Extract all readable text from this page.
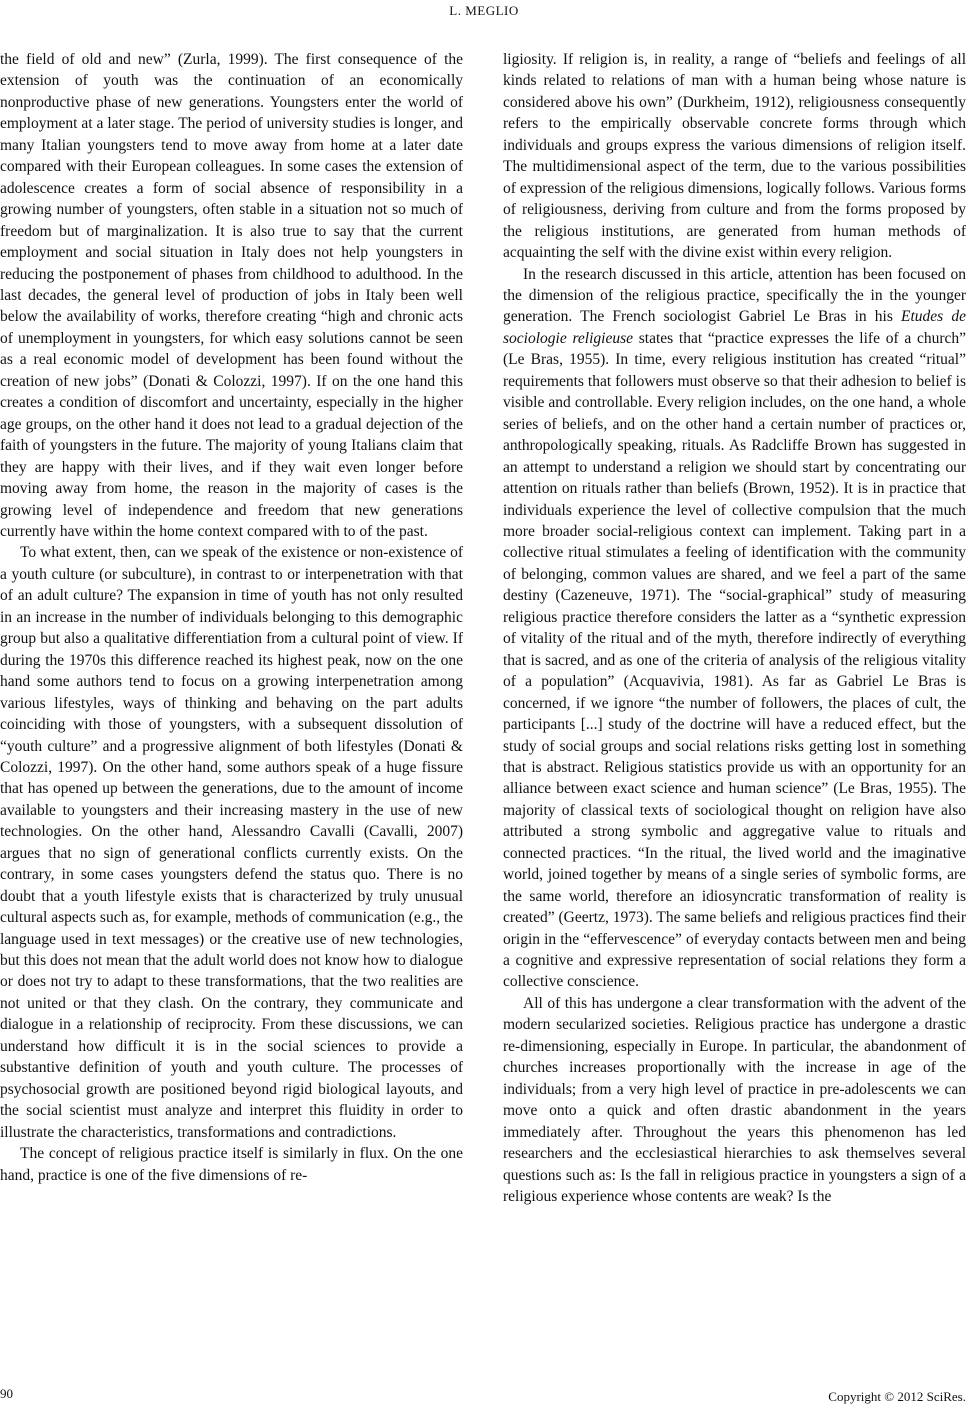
L. MEGLIO

the field of old and new” (Zurla, 1999). The first consequence of the extension of youth was the continuation of an economically nonproductive phase of new generations. Youngsters enter the world of employment at a later stage. The period of university studies is longer, and many Italian youngsters tend to move away from home at a later date compared with their European colleagues. In some cases the extension of adolescence creates a form of social absence of responsibility in a growing number of youngsters, often stable in a situation not so much of freedom but of marginalization. It is also true to say that the current employment and social situation in Italy does not help youngsters in reducing the postponement of phases from childhood to adulthood. In the last decades, the general level of production of jobs in Italy been well below the availability of works, therefore creating “high and chronic acts of unemployment in youngsters, for which easy solutions cannot be seen as a real economic model of development has been found without the creation of new jobs” (Donati & Colozzi, 1997). If on the one hand this creates a condition of discomfort and uncertainty, especially in the higher age groups, on the other hand it does not lead to a gradual dejection of the faith of youngsters in the future. The majority of young Italians claim that they are happy with their lives, and if they wait even longer before moving away from home, the reason in the majority of cases is the growing level of independence and freedom that new generations currently have within the home context compared with to of the past.

To what extent, then, can we speak of the existence or non-existence of a youth culture (or subculture), in contrast to or interpenetration with that of an adult culture? The expansion in time of youth has not only resulted in an increase in the number of individuals belonging to this demographic group but also a qualitative differentiation from a cultural point of view. If during the 1970s this difference reached its highest peak, now on the one hand some authors tend to focus on a growing interpenetration among various lifestyles, ways of thinking and behaving on the part adults coinciding with those of youngsters, with a subsequent dissolution of “youth culture” and a progressive alignment of both lifestyles (Donati & Colozzi, 1997). On the other hand, some authors speak of a huge fissure that has opened up between the generations, due to the amount of income available to youngsters and their increasing mastery in the use of new technologies. On the other hand, Alessandro Cavalli (Cavalli, 2007) argues that no sign of generational conflicts currently exists. On the contrary, in some cases youngsters defend the status quo. There is no doubt that a youth lifestyle exists that is characterized by truly unusual cultural aspects such as, for example, methods of communication (e.g., the language used in text messages) or the creative use of new technologies, but this does not mean that the adult world does not know how to dialogue or does not try to adapt to these transformations, that the two realities are not united or that they clash. On the contrary, they communicate and dialogue in a relationship of reciprocity. From these discussions, we can understand how difficult it is in the social sciences to provide a substantive definition of youth and youth culture. The processes of psychosocial growth are positioned beyond rigid biological layouts, and the social scientist must analyze and interpret this fluidity in order to illustrate the characteristics, transformations and contradictions.

The concept of religious practice itself is similarly in flux. On the one hand, practice is one of the five dimensions of re-

ligiosity. If religion is, in reality, a range of “beliefs and feelings of all kinds related to relations of man with a human being whose nature is considered above his own” (Durkheim, 1912), religiousness consequently refers to the empirically observable concrete forms through which individuals and groups express the various dimensions of religion itself. The multidimensional aspect of the term, due to the various possibilities of expression of the religious dimensions, logically follows. Various forms of religiousness, deriving from culture and from the forms proposed by the religious institutions, are generated from human methods of acquainting the self with the divine exist within every religion.

In the research discussed in this article, attention has been focused on the dimension of the religious practice, specifically the in the younger generation. The French sociologist Gabriel Le Bras in his Etudes de sociologie religieuse states that “practice expresses the life of a church” (Le Bras, 1955). In time, every religious institution has created “ritual” requirements that followers must observe so that their adhesion to belief is visible and controllable. Every religion includes, on the one hand, a whole series of beliefs, and on the other hand a certain number of practices or, anthropologically speaking, rituals. As Radcliffe Brown has suggested in an attempt to understand a religion we should start by concentrating our attention on rituals rather than beliefs (Brown, 1952). It is in practice that individuals experience the level of collective compulsion that the much more broader social-religious context can implement. Taking part in a collective ritual stimulates a feeling of identification with the community of belonging, common values are shared, and we feel a part of the same destiny (Cazeneuve, 1971). The “social-graphical” study of measuring religious practice therefore considers the latter as a “synthetic expression of vitality of the ritual and of the myth, therefore indirectly of everything that is sacred, and as one of the criteria of analysis of the religious vitality of a population” (Acquavivia, 1981). As far as Gabriel Le Bras is concerned, if we ignore “the number of followers, the places of cult, the participants [...] study of the doctrine will have a reduced effect, but the study of social groups and social relations risks getting lost in something that is abstract. Religious statistics provide us with an opportunity for an alliance between exact science and human science” (Le Bras, 1955). The majority of classical texts of sociological thought on religion have also attributed a strong symbolic and aggregative value to rituals and connected practices. “In the ritual, the lived world and the imaginative world, joined together by means of a single series of symbolic forms, are the same world, therefore an idiosyncratic transformation of reality is created” (Geertz, 1973). The same beliefs and religious practices find their origin in the “effervescence” of everyday contacts between men and being a cognitive and expressive representation of social relations they form a collective conscience.

All of this has undergone a clear transformation with the advent of the modern secularized societies. Religious practice has undergone a drastic re-dimensioning, especially in Europe. In particular, the abandonment of churches increases proportionally with the increase in age of the individuals; from a very high level of practice in pre-adolescents we can move onto a quick and often drastic abandonment in the years immediately after. Throughout the years this phenomenon has led researchers and the ecclesiastical hierarchies to ask themselves several questions such as: Is the fall in religious practice in youngsters a sign of a religious experience whose contents are weak? Is the

90	Copyright © 2012 SciRes.
